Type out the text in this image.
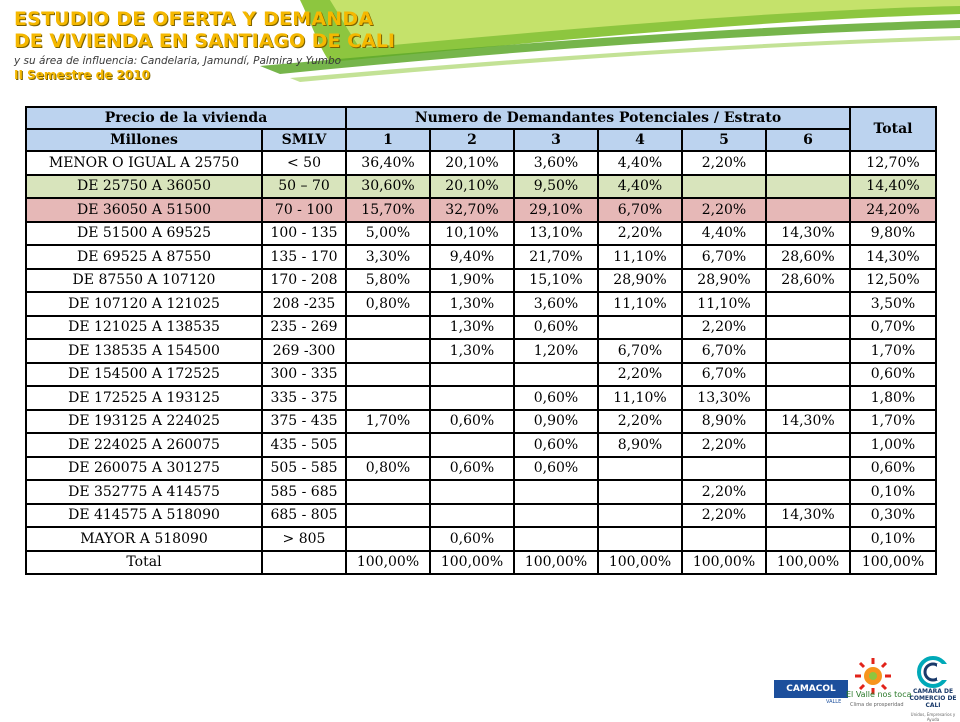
ESTUDIO DE OFERTA Y DEMANDA
DE VIVIENDA EN SANTIAGO DE CALI
y su área de influencia: Candelaria, Jamundí, Palmira y Yumbo
II Semestre de 2010
Precio de la vivienda		Numero de Demandantes Potenciales / Estrato						Total
Millones	SMLV	1	2	3	4	5	6	
MENOR O IGUAL A 25750	< 50	36,40%	20,10%	3,60%	4,40%	2,20%		12,70%
DE 25750 A 36050	50 – 70	30,60%	20,10%	9,50%	4,40%			14,40%
DE 36050 A 51500	70 - 100	15,70%	32,70%	29,10%	6,70%	2,20%		24,20%
DE 51500 A 69525	100 - 135	5,00%	10,10%	13,10%	2,20%	4,40%	14,30%	9,80%
DE 69525 A 87550	135 - 170	3,30%	9,40%	21,70%	11,10%	6,70%	28,60%	14,30%
DE 87550 A 107120	170 - 208	5,80%	1,90%	15,10%	28,90%	28,90%	28,60%	12,50%
DE 107120 A 121025	208 -235	0,80%	1,30%	3,60%	11,10%	11,10%		3,50%
DE 121025 A 138535	235 - 269		1,30%	0,60%		2,20%		0,70%
DE 138535 A 154500	269 -300		1,30%	1,20%	6,70%	6,70%		1,70%
DE 154500 A 172525	300 - 335				2,20%	6,70%		0,60%
DE 172525 A 193125	335 - 375			0,60%	11,10%	13,30%		1,80%
DE 193125 A 224025	375 - 435	1,70%	0,60%	0,90%	2,20%	8,90%	14,30%	1,70%
DE 224025 A 260075	435 - 505			0,60%	8,90%	2,20%		1,00%
DE 260075 A 301275	505 - 585	0,80%	0,60%	0,60%				0,60%
DE 352775 A 414575	585 - 685					2,20%		0,10%
DE 414575 A 518090	685 - 805					2,20%	14,30%	0,30%
MAYOR A 518090	> 805		0,60%					0,10%
Total		100,00%	100,00%	100,00%	100,00%	100,00%	100,00%	100,00%
CAMACOL
VALLE
El Valle nos toca
Clima de prosperidad
CAMARA DE COMERCIO DE CALI
Unidos, Empresarios y Ayuda
